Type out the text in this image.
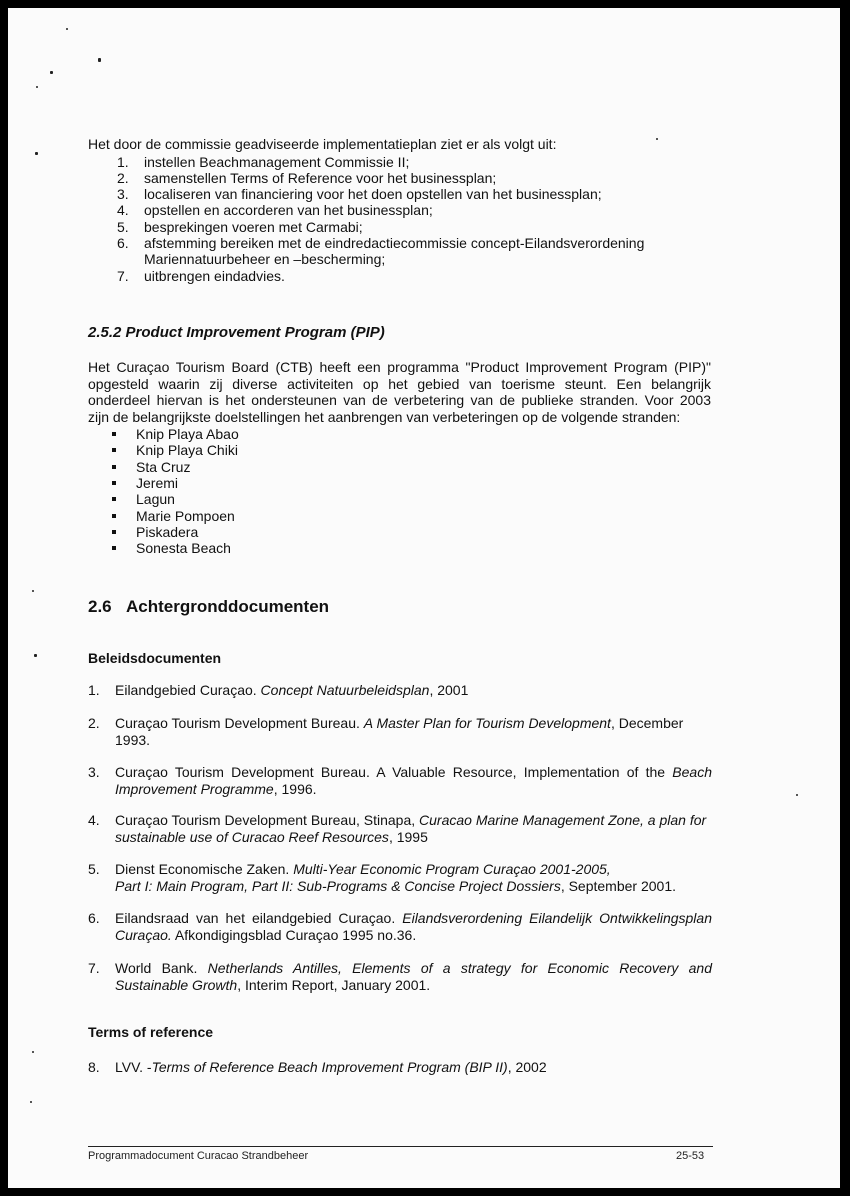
Het door de commissie geadviseerde implementatieplan ziet er als volgt uit:
1. instellen Beachmanagement Commissie II;
2. samenstellen Terms of Reference voor het businessplan;
3. localiseren van financiering voor het doen opstellen van het businessplan;
4. opstellen en accorderen van het businessplan;
5. besprekingen voeren met Carmabi;
6. afstemming bereiken met de eindredactiecommissie concept-Eilandsverordening
Mariennatuurbeheer en –bescherming;
7. uitbrengen eindadvies.
2.5.2 Product Improvement Program (PIP)
Het Curaçao Tourism Board (CTB) heeft een programma "Product Improvement Program (PIP)"
opgesteld waarin zij diverse activiteiten op het gebied van toerisme steunt. Een belangrijk
onderdeel hiervan is het ondersteunen van de verbetering van de publieke stranden. Voor 2003
zijn de belangrijkste doelstellingen het aanbrengen van verbeteringen op de volgende stranden:
Knip Playa Abao
Knip Playa Chiki
Sta Cruz
Jeremi
Lagun
Marie Pompoen
Piskadera
Sonesta Beach
2.6 Achtergronddocumenten
Beleidsdocumenten
1. Eilandgebied Curaçao. Concept Natuurbeleidsplan, 2001
2. Curaçao Tourism Development Bureau. A Master Plan for Tourism Development, December 1993.
3. Curaçao Tourism Development Bureau. A Valuable Resource, Implementation of the Beach Improvement Programme, 1996.
4. Curaçao Tourism Development Bureau, Stinapa, Curacao Marine Management Zone, a plan for sustainable use of Curacao Reef Resources, 1995
5. Dienst Economische Zaken. Multi-Year Economic Program Curaçao 2001-2005,
Part I: Main Program, Part II: Sub-Programs & Concise Project Dossiers, September 2001.
6. Eilandsraad van het eilandgebied Curaçao. Eilandsverordening Eilandelijk Ontwikkelingsplan Curaçao. Afkondigingsblad Curaçao 1995 no.36.
7. World Bank. Netherlands Antilles, Elements of a strategy for Economic Recovery and Sustainable Growth, Interim Report, January 2001.
Terms of reference
8. LVV. -Terms of Reference Beach Improvement Program (BIP II), 2002
Programmadocument Curacao Strandbeheer	25-53
